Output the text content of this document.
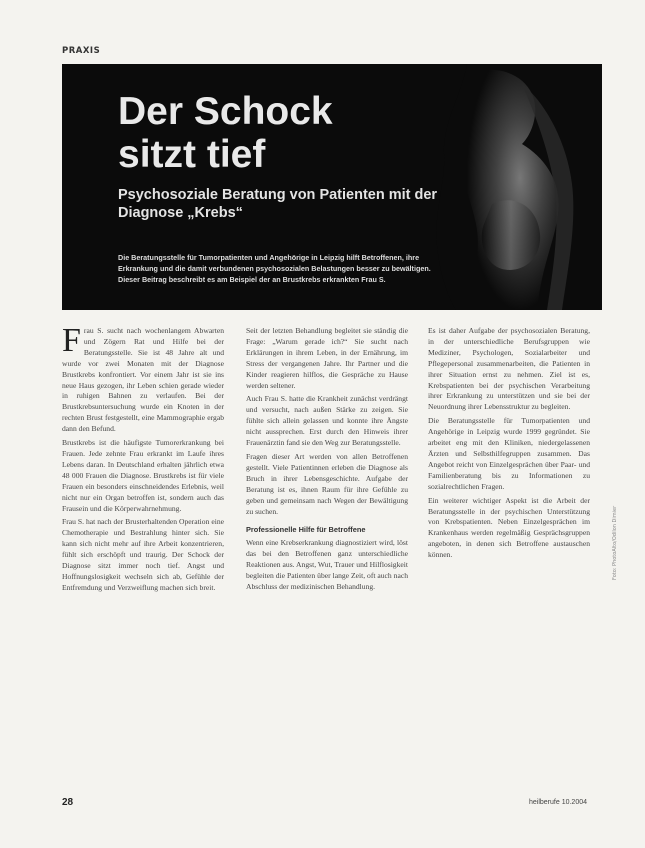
PRAXIS
Der Schock sitzt tief
Psychosoziale Beratung von Patienten mit der Diagnose „Krebs“
Die Beratungsstelle für Tumorpatienten und Angehörige in Leipzig hilft Betroffenen, ihre Erkrankung und die damit verbundenen psychosozialen Belastungen besser zu bewältigen. Dieser Beitrag beschreibt es am Beispiel der an Brustkrebs erkrankten Frau S.
Foto: PhotoAlto/Odilon Dimier

Frau S. sucht nach wochenlangem Abwarten und Zögern Rat und Hilfe bei der Beratungsstelle. Sie ist 48 Jahre alt und wurde vor zwei Monaten mit der Diagnose Brustkrebs konfrontiert. Vor einem Jahr ist sie ins neue Haus gezogen, ihr Leben schien gerade wieder in ruhigen Bahnen zu verlaufen. Bei der Brustkrebsuntersuchung wurde ein Knoten in der rechten Brust festgestellt, eine Mammographie ergab dann den Befund.

Brustkrebs ist die häufigste Tumorerkrankung bei Frauen. Jede zehnte Frau erkrankt im Laufe ihres Lebens daran. In Deutschland erhalten jährlich etwa 48 000 Frauen die Diagnose. Brustkrebs ist für viele Frauen ein besonders einschneidendes Erlebnis, weil nicht nur ein Organ betroffen ist, sondern auch das Frausein und die Körperwahrnehmung.

Frau S. hat nach der Brusterhaltenden Operation eine Chemotherapie und Bestrahlung hinter sich. Sie kann sich nicht mehr auf ihre Arbeit konzentrieren, fühlt sich erschöpft und traurig. Der Schock der Diagnose sitzt immer noch tief. Angst und Hoffnungslosigkeit wechseln sich ab, Gefühle der Entfremdung und Verzweiflung machen sich breit.

Seit der letzten Behandlung begleitet sie ständig die Frage: „Warum gerade ich?“ Sie sucht nach Erklärungen in ihrem Leben, in der Ernährung, im Stress der vergangenen Jahre. Ihr Partner und die Kinder reagieren hilflos, die Gespräche zu Hause werden seltener.

Auch Frau S. hatte die Krankheit zunächst verdrängt und versucht, nach außen Stärke zu zeigen. Sie fühlte sich allein gelassen und konnte ihre Ängste nicht aussprechen. Erst durch den Hinweis ihrer Frauenärztin fand sie den Weg zur Beratungsstelle.

Fragen dieser Art werden von allen Betroffenen gestellt. Viele Patientinnen erleben die Diagnose als Bruch in ihrer Lebensgeschichte. Aufgabe der Beratung ist es, ihnen Raum für ihre Gefühle zu geben und gemeinsam nach Wegen der Bewältigung zu suchen.

Professionelle Hilfe für Betroffene

Wenn eine Krebserkrankung diagnostiziert wird, löst das bei den Betroffenen ganz unterschiedliche Reaktionen aus. Angst, Wut, Trauer und Hilflosigkeit begleiten die Patienten über lange Zeit, oft auch nach Abschluss der medizinischen Behandlung.

Es ist daher Aufgabe der psychosozialen Beratung, in der unterschiedliche Berufsgruppen wie Mediziner, Psychologen, Sozialarbeiter und Pflegepersonal zusammenarbeiten, die Patienten in ihrer Situation ernst zu nehmen. Ziel ist es, Krebspatienten bei der psychischen Verarbeitung ihrer Erkrankung zu unterstützen und sie bei der Neuordnung ihrer Lebensstruktur zu begleiten.

Die Beratungsstelle für Tumorpatienten und Angehörige in Leipzig wurde 1999 gegründet. Sie arbeitet eng mit den Kliniken, niedergelassenen Ärzten und Selbsthilfegruppen zusammen. Das Angebot reicht von Einzelgesprächen über Paar- und Familienberatung bis zu Informationen zu sozialrechtlichen Fragen.

Ein weiterer wichtiger Aspekt ist die Arbeit der Beratungsstelle in der psychischen Unterstützung von Krebspatienten. Neben Einzelgesprächen im Krankenhaus werden regelmäßig Gesprächsgruppen angeboten, in denen sich Betroffene austauschen können.

28	heilberufe 10.2004
